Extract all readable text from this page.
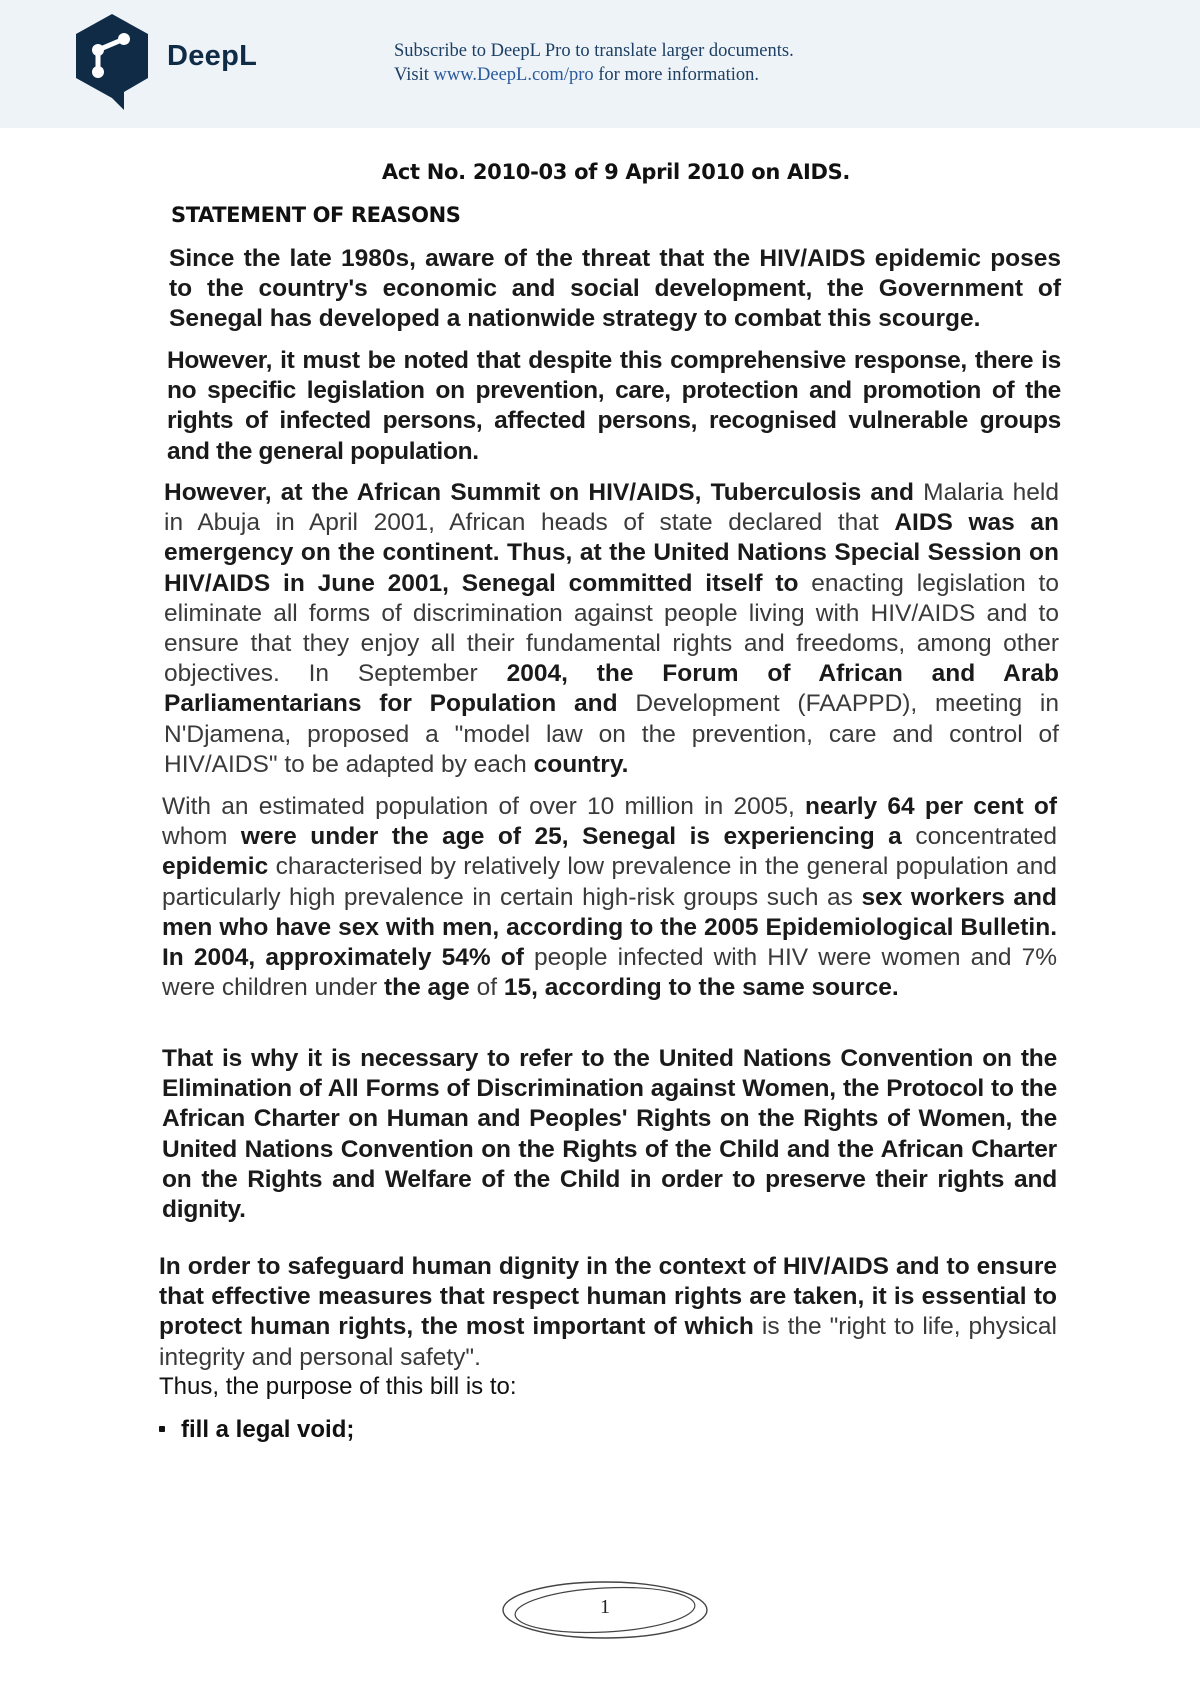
DeepL	Subscribe to DeepL Pro to translate larger documents.
Visit www.DeepL.com/pro for more information.
Act No. 2010-03 of 9 April 2010 on AIDS.
STATEMENT OF REASONS

Since the late 1980s, aware of the threat that the HIV/AIDS epidemic poses to the country's economic and social development, the Government of Senegal has developed a nationwide strategy to combat this scourge.

However, it must be noted that despite this comprehensive response, there is no specific legislation on prevention, care, protection and promotion of the rights of infected persons, affected persons, recognised vulnerable groups and the general population.

However, at the African Summit on HIV/AIDS, Tuberculosis and Malaria held in Abuja in April 2001, African heads of state declared that AIDS was an emergency on the continent. Thus, at the United Nations Special Session on HIV/AIDS in June 2001, Senegal committed itself to enacting legislation to eliminate all forms of discrimination against people living with HIV/AIDS and to ensure that they enjoy all their fundamental rights and freedoms, among other objectives. In September 2004, the Forum of African and Arab Parliamentarians for Population and Development (FAAPPD), meeting in N'Djamena, proposed a "model law on the prevention, care and control of HIV/AIDS" to be adapted by each country.

With an estimated population of over 10 million in 2005, nearly 64 per cent of whom were under the age of 25, Senegal is experiencing a concentrated epidemic characterised by relatively low prevalence in the general population and particularly high prevalence in certain high-risk groups such as sex workers and men who have sex with men, according to the 2005 Epidemiological Bulletin. In 2004, approximately 54% of people infected with HIV were women and 7% were children under the age of 15, according to the same source.

That is why it is necessary to refer to the United Nations Convention on the Elimination of All Forms of Discrimination against Women, the Protocol to the African Charter on Human and Peoples' Rights on the Rights of Women, the United Nations Convention on the Rights of the Child and the African Charter on the Rights and Welfare of the Child in order to preserve their rights and dignity.

In order to safeguard human dignity in the context of HIV/AIDS and to ensure that effective measures that respect human rights are taken, it is essential to protect human rights, the most important of which is the "right to life, physical integrity and personal safety".

Thus, the purpose of this bill is to:
fill a legal void;
1
